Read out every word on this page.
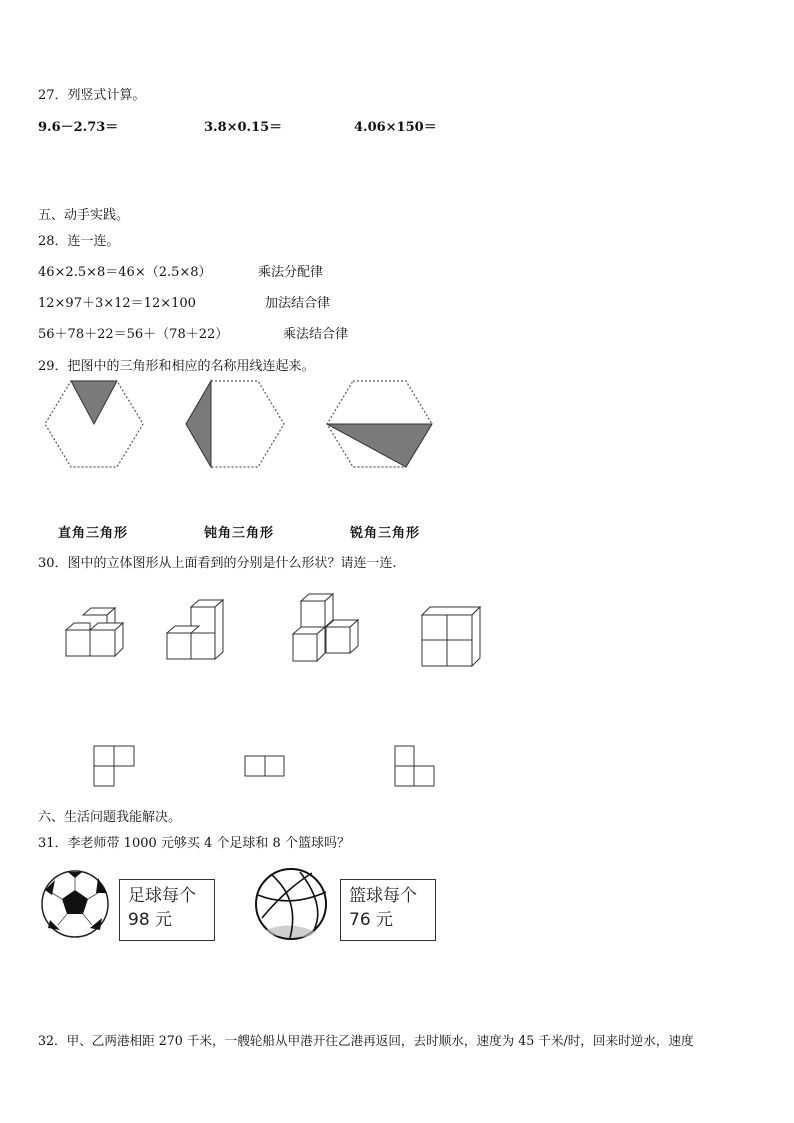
27．列竖式计算。
9.6－2.73＝	3.8×0.15＝	4.06×150＝
五、动手实践。
28．连一连。
46×2.5×8＝46×（2.5×8）
12×97＋3×12＝12×100
56＋78＋22＝56＋（78＋22）
乘法分配律
加法结合律
乘法结合律
29．把图中的三角形和相应的名称用线连起来。
直角三角形	钝角三角形	锐角三角形
30．图中的立体图形从上面看到的分别是什么形状？请连一连.
六、生活问题我能解决。
31．李老师带 1000 元够买 4 个足球和 8 个篮球吗？
足球每个
98 元
篮球每个
76 元
32．甲、乙两港相距 270 千米，一艘轮船从甲港开往乙港再返回，去时顺水，速度为 45 千米/时，回来时逆水，速度
